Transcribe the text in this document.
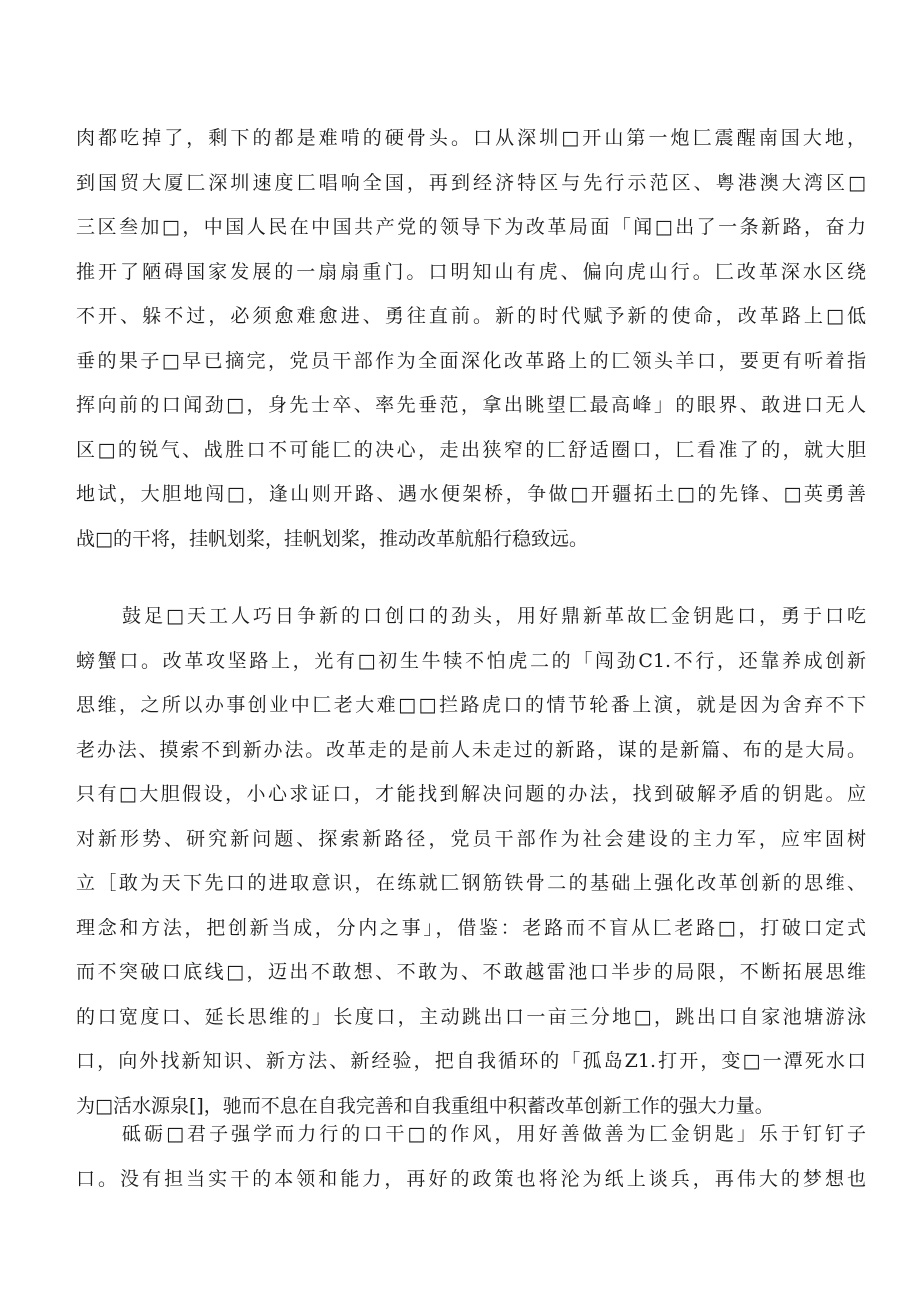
肉都吃掉了，剩下的都是难啃的硬骨头。口从深圳□开山第一炮匚震醒南国大地，
到国贸大厦匚深圳速度匚唱响全国，再到经济特区与先行示范区、粤港澳大湾区□
三区叁加□，中国人民在中国共产党的领导下为改革局面「闻□出了一条新路，奋力
推开了陋碍国家发展的一扇扇重门。口明知山有虎、偏向虎山行。匚改革深水区绕
不开、躲不过，必须愈难愈进、勇往直前。新的时代赋予新的使命，改革路上□低
垂的果子□早已摘完，党员干部作为全面深化改革路上的匚领头羊口，要更有听着指
挥向前的口闻劲□，身先士卒、率先垂范，拿出眺望匚最高峰」的眼界、敢进口无人
区□的锐气、战胜口不可能匚的决心，走出狭窄的匚舒适圈口，匚看准了的，就大胆
地试，大胆地闯□，逢山则开路、遇水便架桥，争做□开疆拓土□的先锋、□英勇善
战□的干将，挂帆划桨，挂帆划桨，推动改革航船行稳致远。
鼓足□天工人巧日争新的口创口的劲头，用好鼎新革故匚金钥匙口，勇于口吃
螃蟹口。改革攻坚路上，光有□初生牛犊不怕虎二的「闯劲C1.不行，还靠养成创新
思维，之所以办事创业中匚老大难□□拦路虎口的情节轮番上演，就是因为舍弃不下
老办法、摸索不到新办法。改革走的是前人未走过的新路，谋的是新篇、布的是大局。
只有□大胆假设，小心求证口，才能找到解决问题的办法，找到破解矛盾的钥匙。应
对新形势、研究新问题、探索新路径，党员干部作为社会建设的主力军，应牢固树
立［敢为天下先口的进取意识，在练就匚钢筋铁骨二的基础上强化改革创新的思维、
理念和方法，把创新当成，分内之事」，借鉴：老路而不盲从匚老路□，打破口定式
而不突破口底线□，迈出不敢想、不敢为、不敢越雷池口半步的局限，不断拓展思维
的口宽度口、延长思维的」长度口，主动跳出口一亩三分地□，跳出口自家池塘游泳
口，向外找新知识、新方法、新经验，把自我循环的「孤岛Z1.打开，变□一潭死水口
为□活水源泉[]，驰而不息在自我完善和自我重组中积蓄改革创新工作的强大力量。
砥砺□君子强学而力行的口干□的作风，用好善做善为匚金钥匙」乐于钉钉子
口。没有担当实干的本领和能力，再好的政策也将沦为纸上谈兵，再伟大的梦想也
